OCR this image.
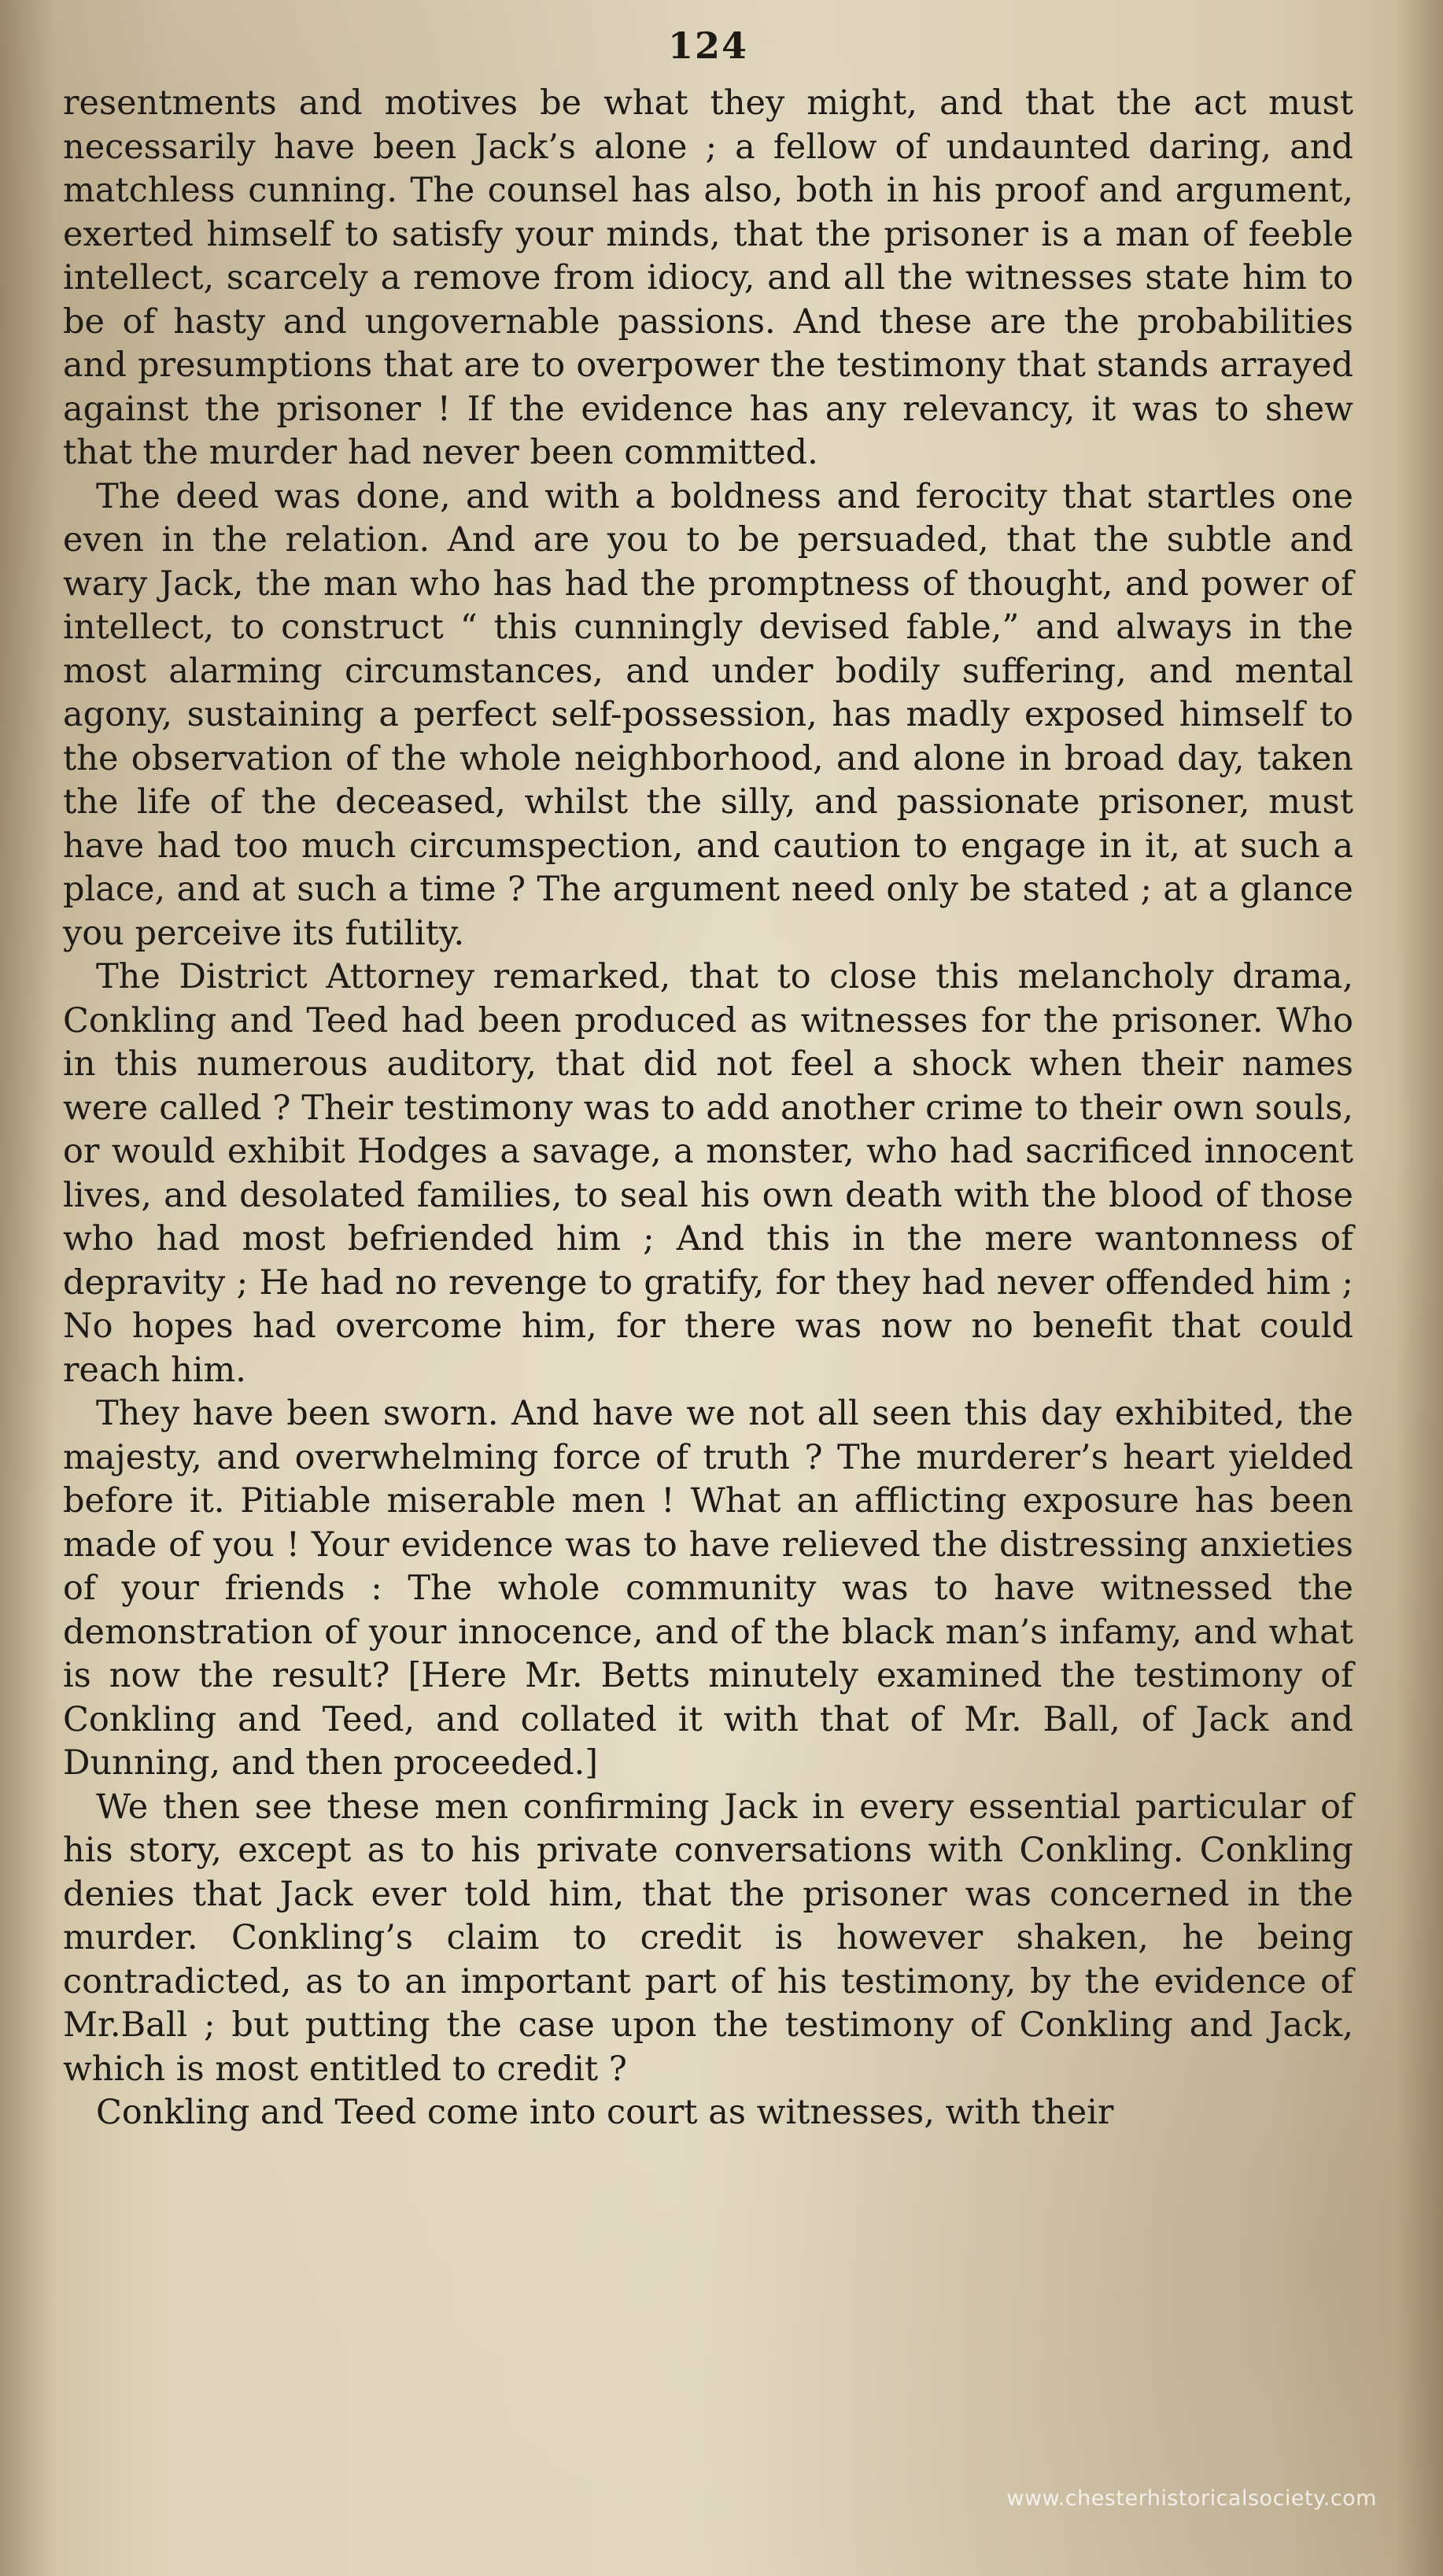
124

resentments and motives be what they might, and that the act must necessarily have been Jack’s alone ; a fellow of undaunted daring, and matchless cunning. The counsel has also, both in his proof and argument, exerted himself to satisfy your minds, that the prisoner is a man of feeble intellect, scarcely a remove from idiocy, and all the witnesses state him to be of hasty and ungovernable passions. And these are the probabilities and presumptions that are to overpower the testimony that stands arrayed against the prisoner ! If the evidence has any relevancy, it was to shew that the murder had never been committed.

The deed was done, and with a boldness and ferocity that startles one even in the relation. And are you to be persuaded, that the subtle and wary Jack, the man who has had the promptness of thought, and power of intellect, to construct “ this cunningly devised fable,” and always in the most alarming circumstances, and under bodily suffering, and mental agony, sustaining a perfect self-possession, has madly exposed himself to the observation of the whole neighborhood, and alone in broad day, taken the life of the deceased, whilst the silly, and passionate prisoner, must have had too much circumspection, and caution to engage in it, at such a place, and at such a time ? The argument need only be stated ; at a glance you perceive its futility.

The District Attorney remarked, that to close this melancholy drama, Conkling and Teed had been produced as witnesses for the prisoner. Who in this numerous auditory, that did not feel a shock when their names were called ? Their testimony was to add another crime to their own souls, or would exhibit Hodges a savage, a monster, who had sacrificed innocent lives, and desolated families, to seal his own death with the blood of those who had most befriended him ; And this in the mere wantonness of depravity ; He had no revenge to gratify, for they had never offended him ; No hopes had overcome him, for there was now no benefit that could reach him.

They have been sworn. And have we not all seen this day exhibited, the majesty, and overwhelming force of truth ? The murderer’s heart yielded before it. Pitiable miserable men ! What an afflicting exposure has been made of you ! Your evidence was to have relieved the distressing anxieties of your friends : The whole community was to have witnessed the demonstration of your innocence, and of the black man’s infamy, and what is now the result? [Here Mr. Betts minutely examined the testimony of Conkling and Teed, and collated it with that of Mr. Ball, of Jack and Dunning, and then proceeded.]

We then see these men confirming Jack in every essential particular of his story, except as to his private conversations with Conkling. Conkling denies that Jack ever told him, that the prisoner was concerned in the murder. Conkling’s claim to credit is however shaken, he being contradicted, as to an important part of his testimony, by the evidence of Mr.Ball ; but putting the case upon the testimony of Conkling and Jack, which is most entitled to credit ?

Conkling and Teed come into court as witnesses, with their

www.chesterhistoricalsociety.com
